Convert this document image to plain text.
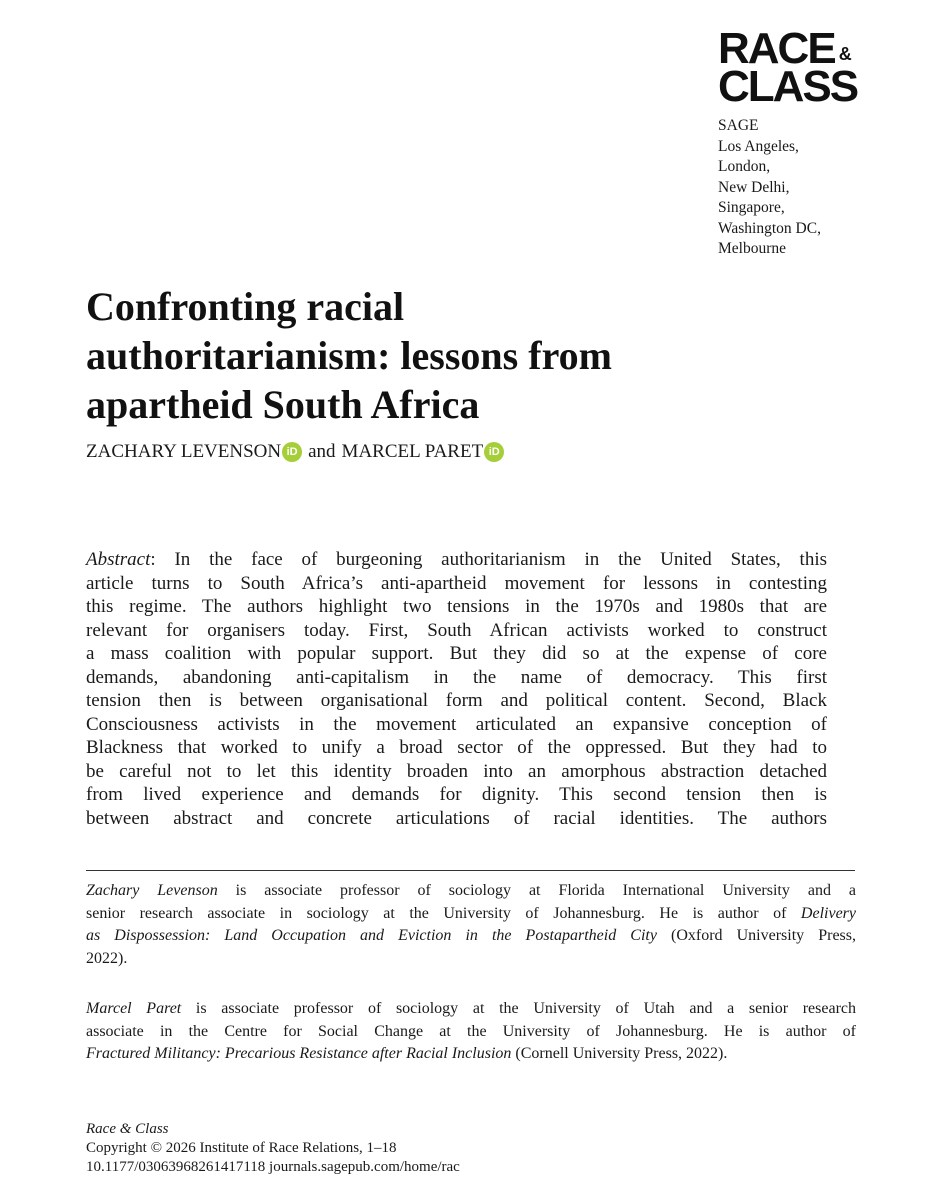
RACE &
CLASS
SAGE
Los Angeles,
London,
New Delhi,
Singapore,
Washington DC,
Melbourne
Confronting racial
authoritarianism: lessons from
apartheid South Africa
ZACHARY LEVENSON iD and MARCEL PARET iD
Abstract: In the face of burgeoning authoritarianism in the United States, this
article turns to South Africa’s anti-apartheid movement for lessons in contesting
this regime. The authors highlight two tensions in the 1970s and 1980s that are
relevant for organisers today. First, South African activists worked to construct
a mass coalition with popular support. But they did so at the expense of core
demands, abandoning anti-capitalism in the name of democracy. This first
tension then is between organisational form and political content. Second, Black
Consciousness activists in the movement articulated an expansive conception of
Blackness that worked to unify a broad sector of the oppressed. But they had to
be careful not to let this identity broaden into an amorphous abstraction detached
from lived experience and demands for dignity. This second tension then is
between abstract and concrete articulations of racial identities. The authors
Zachary Levenson is associate professor of sociology at Florida International University and a
senior research associate in sociology at the University of Johannesburg. He is author of Delivery
as Dispossession: Land Occupation and Eviction in the Postapartheid City (Oxford University Press,
2022).
Marcel Paret is associate professor of sociology at the University of Utah and a senior research
associate in the Centre for Social Change at the University of Johannesburg. He is author of
Fractured Militancy: Precarious Resistance after Racial Inclusion (Cornell University Press, 2022).
Race & Class
Copyright © 2026 Institute of Race Relations, 1–18
10.1177/03063968261417118 journals.sagepub.com/home/rac
